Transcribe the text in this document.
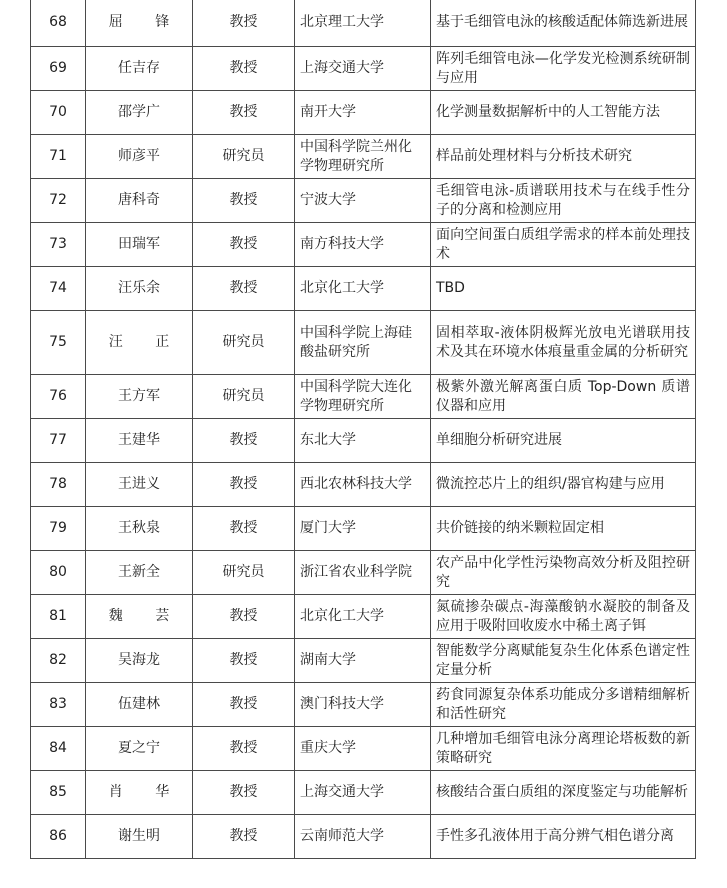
68	屈 锋	教授	北京理工大学	基于毛细管电泳的核酸适配体筛选新进展
69	任吉存	教授	上海交通大学	阵列毛细管电泳—化学发光检测系统研制与应用
70	邵学广	教授	南开大学	化学测量数据解析中的人工智能方法
71	师彦平	研究员	中国科学院兰州化学物理研究所	样品前处理材料与分析技术研究
72	唐科奇	教授	宁波大学	毛细管电泳-质谱联用技术与在线手性分子的分离和检测应用
73	田瑞军	教授	南方科技大学	面向空间蛋白质组学需求的样本前处理技术
74	汪乐余	教授	北京化工大学	TBD
75	汪 正	研究员	中国科学院上海硅酸盐研究所	固相萃取-液体阴极辉光放电光谱联用技术及其在环境水体痕量重金属的分析研究
76	王方军	研究员	中国科学院大连化学物理研究所	极紫外激光解离蛋白质 Top-Down 质谱仪器和应用
77	王建华	教授	东北大学	单细胞分析研究进展
78	王进义	教授	西北农林科技大学	微流控芯片上的组织/器官构建与应用
79	王秋泉	教授	厦门大学	共价链接的纳米颗粒固定相
80	王新全	研究员	浙江省农业科学院	农产品中化学性污染物高效分析及阻控研究
81	魏 芸	教授	北京化工大学	氮硫掺杂碳点-海藻酸钠水凝胶的制备及应用于吸附回收废水中稀土离子铒
82	吴海龙	教授	湖南大学	智能数学分离赋能复杂生化体系色谱定性定量分析
83	伍建林	教授	澳门科技大学	药食同源复杂体系功能成分多谱精细解析和活性研究
84	夏之宁	教授	重庆大学	几种增加毛细管电泳分离理论塔板数的新策略研究
85	肖 华	教授	上海交通大学	核酸结合蛋白质组的深度鉴定与功能解析
86	谢生明	教授	云南师范大学	手性多孔液体用于高分辨气相色谱分离
